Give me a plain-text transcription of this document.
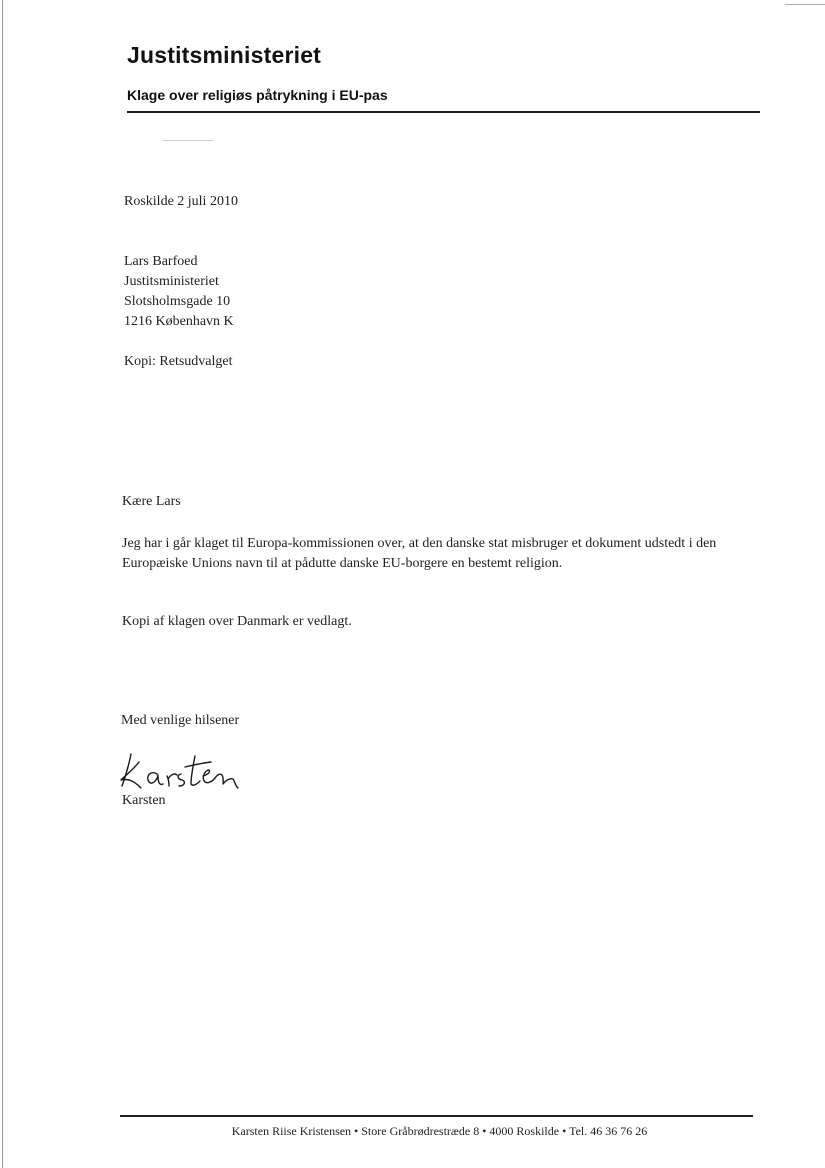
Justitsministeriet
Klage over religiøs påtrykning i EU-pas
Roskilde 2 juli 2010
Lars Barfoed
Justitsministeriet
Slotsholmsgade 10
1216 København K
Kopi: Retsudvalget
Kære Lars
Jeg har i går klaget til Europa-kommissionen over, at den danske stat misbruger et dokument udstedt i den Europæiske Unions navn til at pådutte danske EU-borgere en bestemt religion.
Kopi af klagen over Danmark er vedlagt.
Med venlige hilsener
Karsten
Karsten Riise Kristensen • Store Gråbrødrestræde 8 • 4000 Roskilde • Tel. 46 36 76 26
